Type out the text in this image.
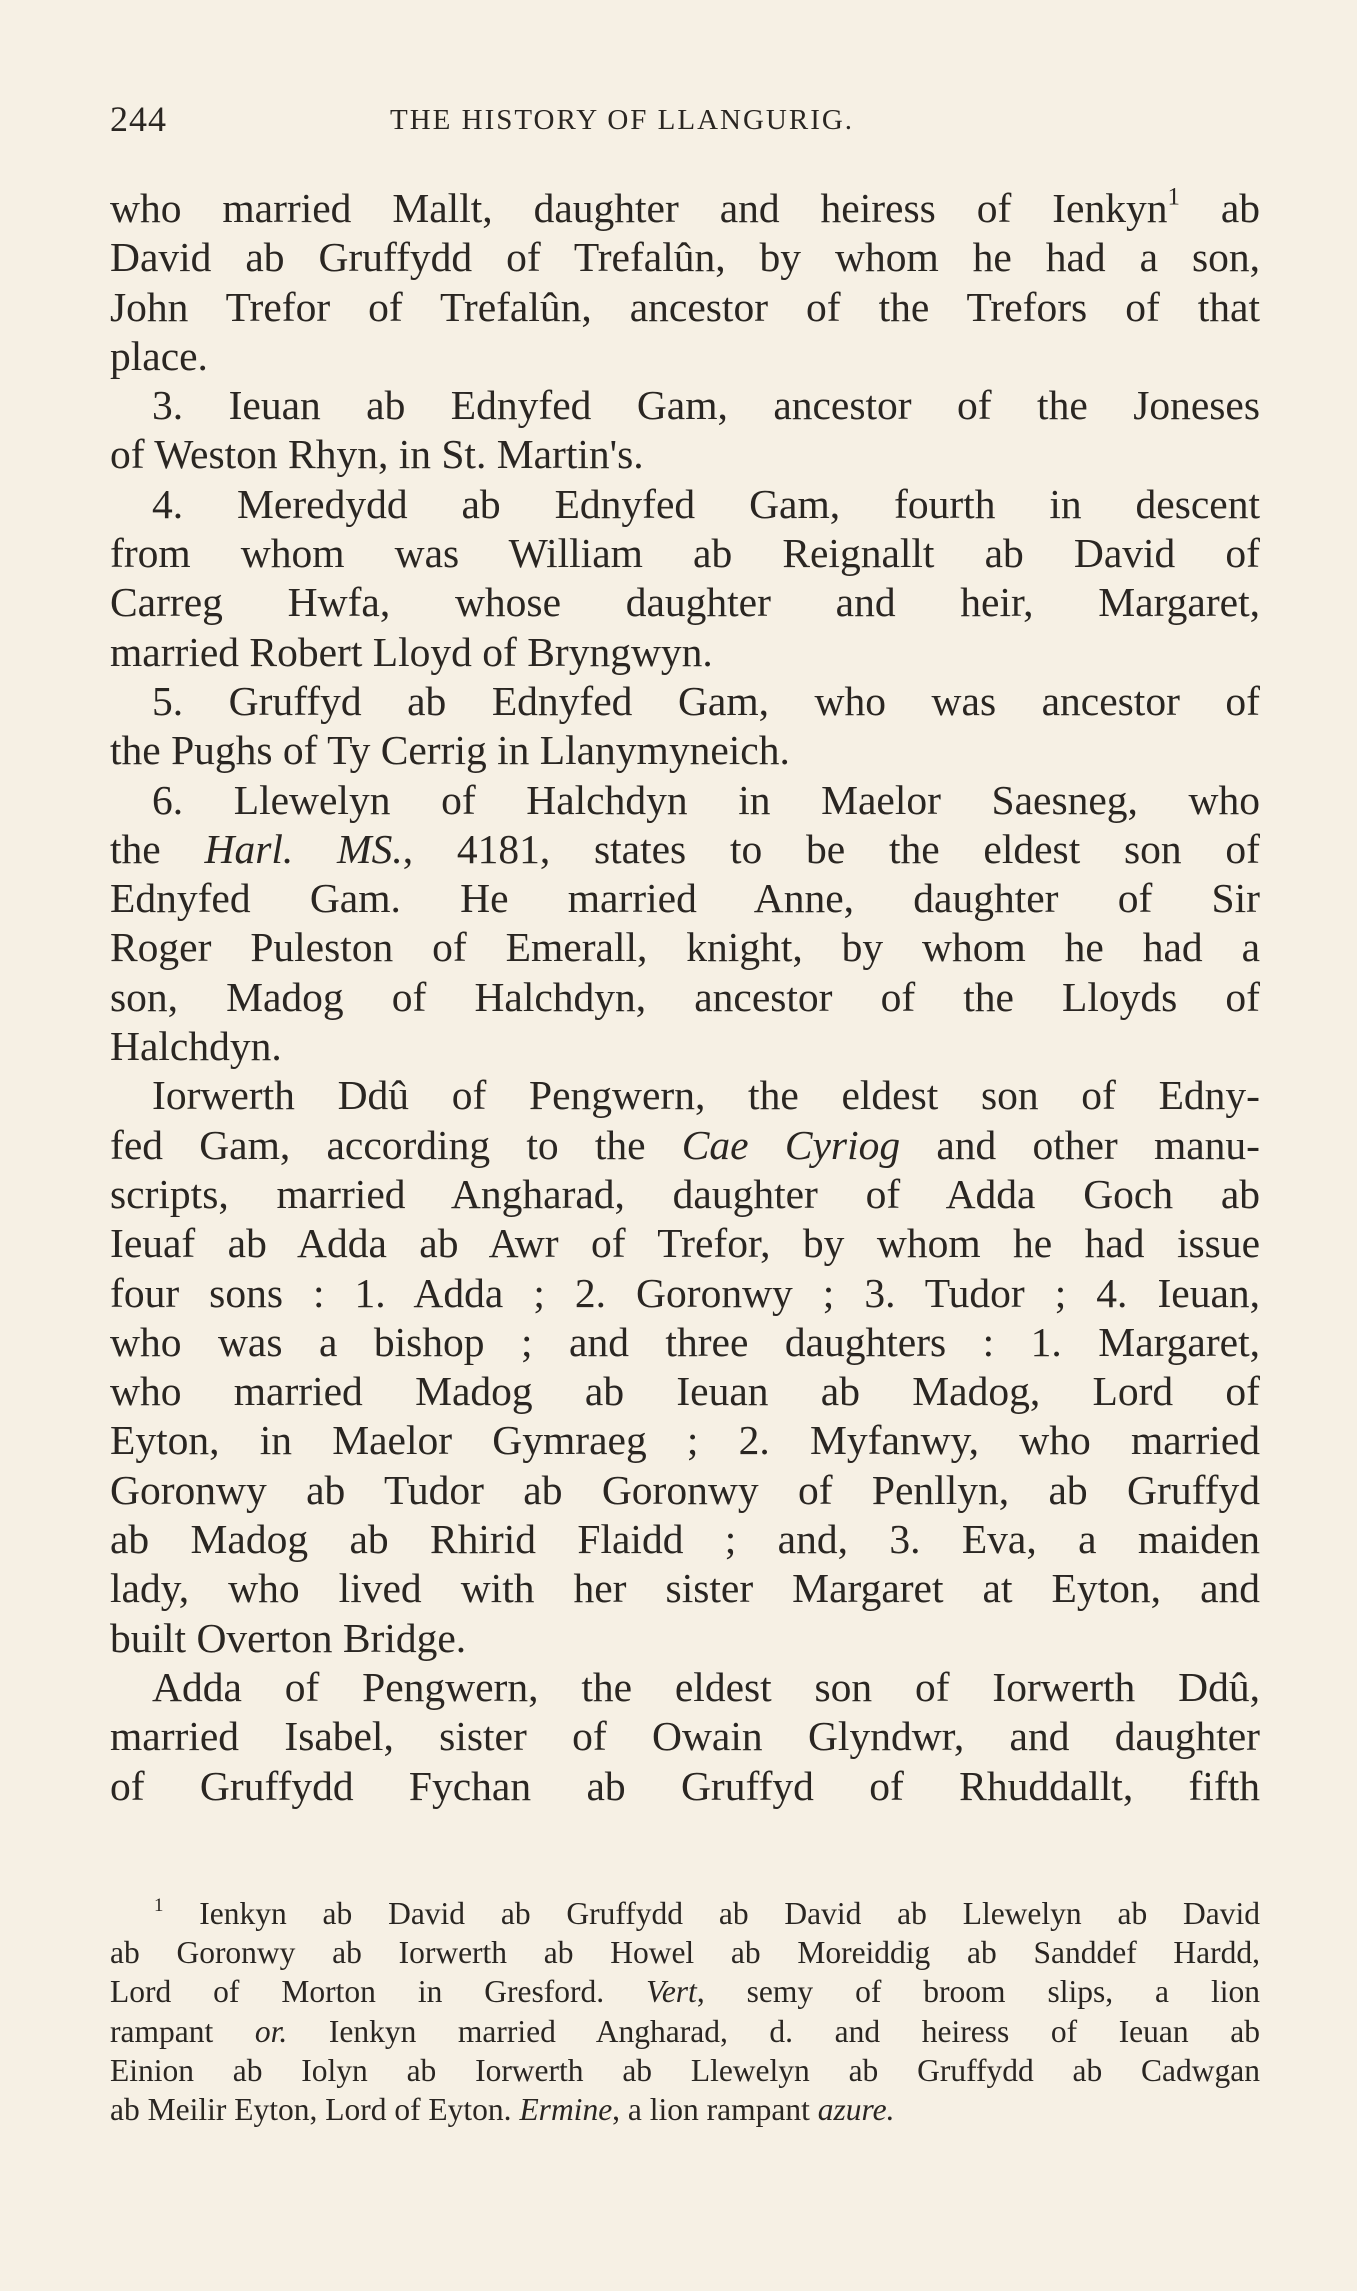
244	THE HISTORY OF LLANGURIG.
who married Mallt, daughter and heiress of Ienkyn$^1$ ab
David ab Gruffydd of Trefalûn, by whom he had a son,
John Trefor of Trefalûn, ancestor of the Trefors of that
place.
3. Ieuan ab Ednyfed Gam, ancestor of the Joneses
of Weston Rhyn, in St. Martin's.
4. Meredydd ab Ednyfed Gam, fourth in descent
from whom was William ab Reignallt ab David of
Carreg Hwfa, whose daughter and heir, Margaret,
married Robert Lloyd of Bryngwyn.
5. Gruffyd ab Ednyfed Gam, who was ancestor of
the Pughs of Ty Cerrig in Llanymyneich.
6. Llewelyn of Halchdyn in Maelor Saesneg, who
the Harl. MS., 4181, states to be the eldest son of
Ednyfed Gam. He married Anne, daughter of Sir
Roger Puleston of Emerall, knight, by whom he had a
son, Madog of Halchdyn, ancestor of the Lloyds of
Halchdyn.
Iorwerth Ddû of Pengwern, the eldest son of Edny-
fed Gam, according to the Cae Cyriog and other manu-
scripts, married Angharad, daughter of Adda Goch ab
Ieuaf ab Adda ab Awr of Trefor, by whom he had issue
four sons : 1. Adda ; 2. Goronwy ; 3. Tudor ; 4. Ieuan,
who was a bishop ; and three daughters : 1. Margaret,
who married Madog ab Ieuan ab Madog, Lord of
Eyton, in Maelor Gymraeg ; 2. Myfanwy, who married
Goronwy ab Tudor ab Goronwy of Penllyn, ab Gruffyd
ab Madog ab Rhirid Flaidd ; and, 3. Eva, a maiden
lady, who lived with her sister Margaret at Eyton, and
built Overton Bridge.
Adda of Pengwern, the eldest son of Iorwerth Ddû,
married Isabel, sister of Owain Glyndwr, and daughter
of Gruffydd Fychan ab Gruffyd of Rhuddallt, fifth
$^1$ Ienkyn ab David ab Gruffydd ab David ab Llewelyn ab David
ab Goronwy ab Iorwerth ab Howel ab Moreiddig ab Sanddef Hardd,
Lord of Morton in Gresford. Vert, semy of broom slips, a lion
rampant or. Ienkyn married Angharad, d. and heiress of Ieuan ab
Einion ab Iolyn ab Iorwerth ab Llewelyn ab Gruffydd ab Cadwgan
ab Meilir Eyton, Lord of Eyton. Ermine, a lion rampant azure.
